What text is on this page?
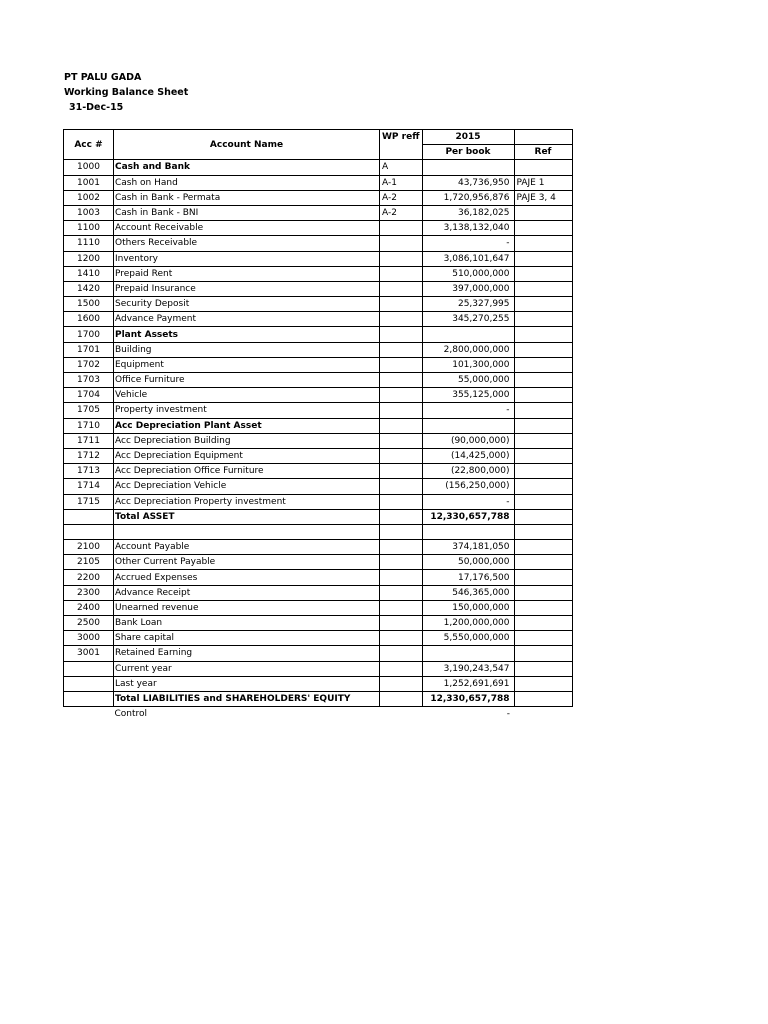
PT PALU GADA
Working Balance Sheet
31-Dec-15
Acc #	Account Name	WP reff	2015	
			Per book	Ref
1000	Cash and Bank	A		
1001	Cash on Hand	A-1	43,736,950	PAJE 1
1002	Cash in Bank - Permata	A-2	1,720,956,876	PAJE 3, 4
1003	Cash in Bank - BNI	A-2	36,182,025	
1100	Account Receivable		3,138,132,040	
1110	Others Receivable		-	
1200	Inventory		3,086,101,647	
1410	Prepaid Rent		510,000,000	
1420	Prepaid Insurance		397,000,000	
1500	Security Deposit		25,327,995	
1600	Advance Payment		345,270,255	
1700	Plant Assets			
1701	Building		2,800,000,000	
1702	Equipment		101,300,000	
1703	Office Furniture		55,000,000	
1704	Vehicle		355,125,000	
1705	Property investment		-	
1710	Acc Depreciation Plant Asset			
1711	Acc Depreciation Building		(90,000,000)	
1712	Acc Depreciation Equipment		(14,425,000)	
1713	Acc Depreciation Office Furniture		(22,800,000)	
1714	Acc Depreciation Vehicle		(156,250,000)	
1715	Acc Depreciation Property investment		-	
	Total ASSET		12,330,657,788	

2100	Account Payable		374,181,050	
2105	Other Current Payable		50,000,000	
2200	Accrued Expenses		17,176,500	
2300	Advance Receipt		546,365,000	
2400	Unearned revenue		150,000,000	
2500	Bank Loan		1,200,000,000	
3000	Share capital		5,550,000,000	
3001	Retained Earning			
	Current year		3,190,243,547	
	Last year		1,252,691,691	
	Total LIABILITIES and SHAREHOLDERS' EQUITY		12,330,657,788	
	Control		-	
